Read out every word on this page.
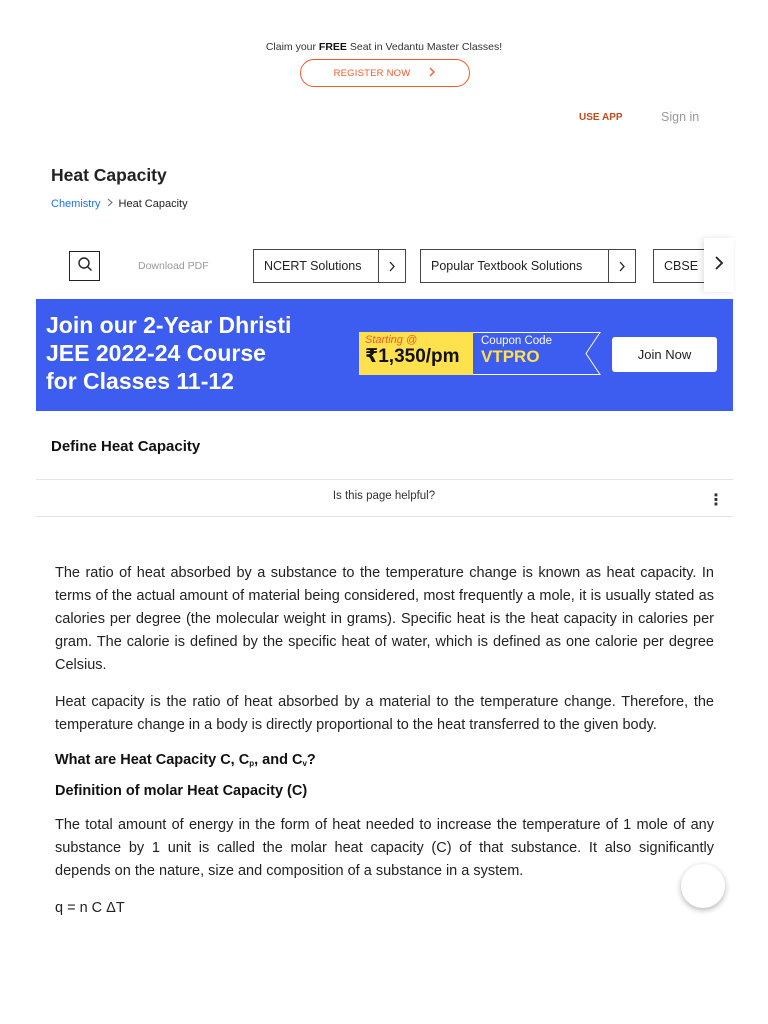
Claim your FREE Seat in Vedantu Master Classes!
REGISTER NOW
USE APP	Sign in
Heat Capacity
Chemistry Heat Capacity
Download PDF	NCERT Solutions	Popular Textbook Solutions	CBSE
Join our 2-Year Dhristi
JEE 2022-24 Course
for Classes 11-12
Starting @
₹1,350/pm
Coupon Code
VTPRO	Join Now
Define Heat Capacity
Is this page helpful?	⋮

The ratio of heat absorbed by a substance to the temperature change is known as heat capacity. In terms of the actual amount of material being considered, most frequently a mole, it is usually stated as calories per degree (the molecular weight in grams). Specific heat is the heat capacity in calories per gram. The calorie is defined by the specific heat of water, which is defined as one calorie per degree Celsius.

Heat capacity is the ratio of heat absorbed by a material to the temperature change. Therefore, the temperature change in a body is directly proportional to the heat transferred to the given body.

What are Heat Capacity C, $C_p$, and $C_v$?
Definition of molar Heat Capacity (C)

The total amount of energy in the form of heat needed to increase the temperature of 1 mole of any substance by 1 unit is called the molar heat capacity (C) of that substance. It also significantly depends on the nature, size and composition of a substance in a system.

q = n C ΔT
